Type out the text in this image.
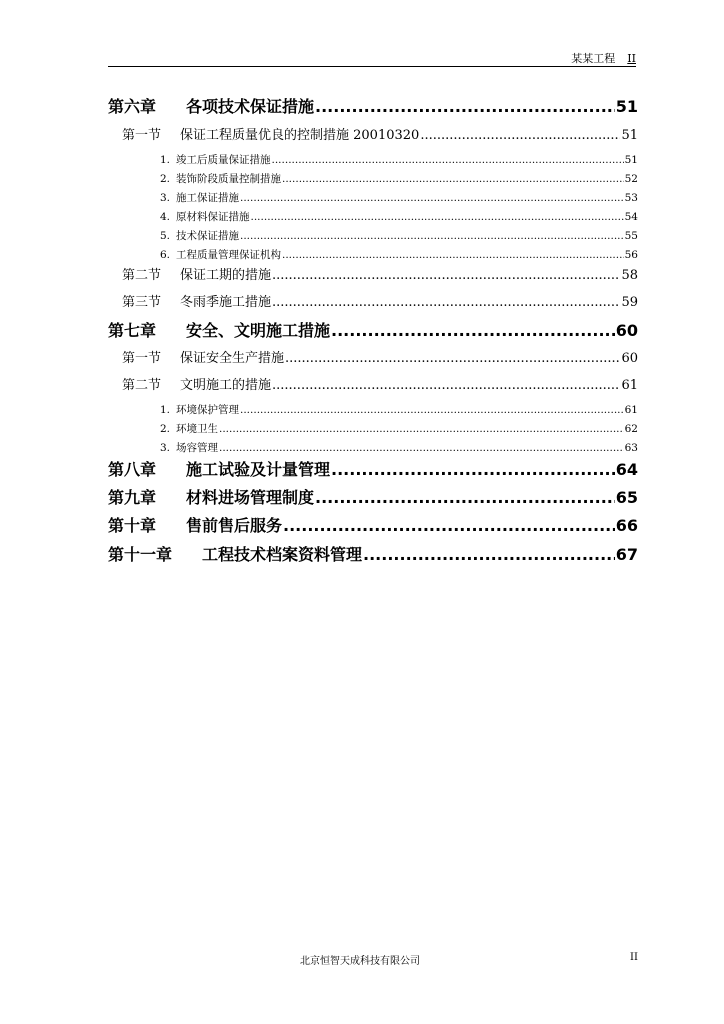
某某工程 II
第六章	各项技术保证措施 .....	51
第一节	保证工程质量优良的控制措施 20010320 .....	51
1. 竣工后质量保证措施 .....	51
2. 装饰阶段质量控制措施 .....	52
3. 施工保证措施 .....	53
4. 原材料保证措施 .....	54
5. 技术保证措施 .....	55
6. 工程质量管理保证机构 .....	56
第二节	保证工期的措施 .....	58
第三节	冬雨季施工措施 .....	59
第七章	安全、文明施工措施 .....	60
第一节	保证安全生产措施 .....	60
第二节	文明施工的措施 .....	61
1. 环境保护管理 .....	61
2. 环境卫生 .....	62
3. 场容管理 .....	63
第八章	施工试验及计量管理 .....	64
第九章	材料进场管理制度 .....	65
第十章	售前售后服务 .....	66
第十一章	工程技术档案资料管理 .....	67
北京恒智天成科技有限公司	II
